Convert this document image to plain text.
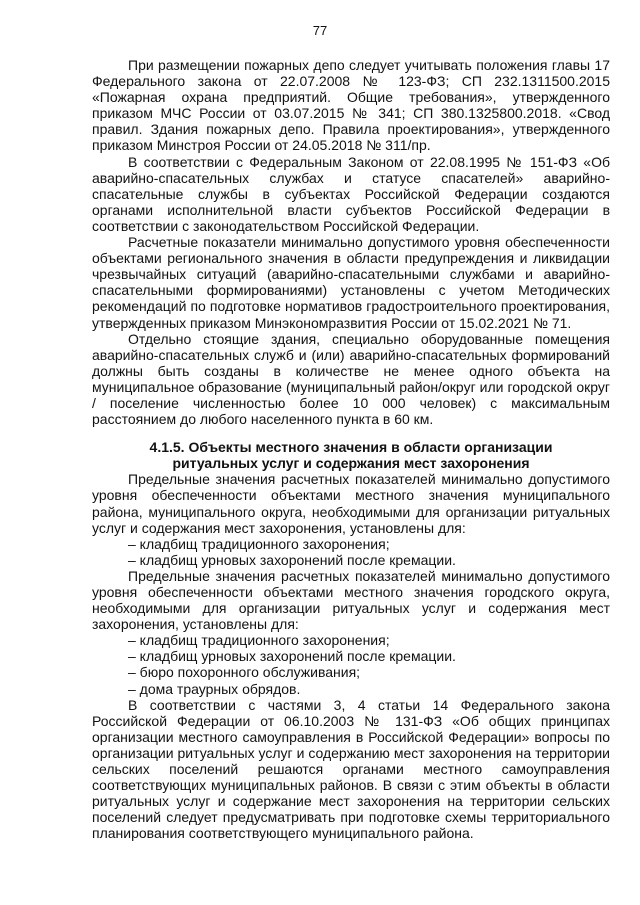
77

При размещении пожарных депо следует учитывать положения главы 17 Федерального закона от 22.07.2008 № 123-ФЗ; СП 232.1311500.2015 «Пожарная охрана предприятий. Общие требования», утвержденного приказом МЧС России от 03.07.2015 № 341; СП 380.1325800.2018. «Свод правил. Здания пожарных депо. Правила проектирования», утвержденного приказом Минстроя России от 24.05.2018 № 311/пр.

В соответствии с Федеральным Законом от 22.08.1995 № 151-ФЗ «Об аварийно-спасательных службах и статусе спасателей» аварийно-спасательные службы в субъектах Российской Федерации создаются органами исполнительной власти субъектов Российской Федерации в соответствии с законодательством Российской Федерации.

Расчетные показатели минимально допустимого уровня обеспеченности объектами регионального значения в области предупреждения и ликвидации чрезвычайных ситуаций (аварийно-спасательными службами и аварийно-спасательными формированиями) установлены с учетом Методических рекомендаций по подготовке нормативов градостроительного проектирования, утвержденных приказом Минэкономразвития России от 15.02.2021 № 71.

Отдельно стоящие здания, специально оборудованные помещения аварийно-спасательных служб и (или) аварийно-спасательных формирований должны быть созданы в количестве не менее одного объекта на муниципальное образование (муниципальный район/округ или городской округ / поселение численностью более 10 000 человек) с максимальным расстоянием до любого населенного пункта в 60 км.

4.1.5. Объекты местного значения в области организации
ритуальных услуг и содержания мест захоронения

Предельные значения расчетных показателей минимально допустимого уровня обеспеченности объектами местного значения муниципального района, муниципального округа, необходимыми для организации ритуальных услуг и содержания мест захоронения, установлены для:

– кладбищ традиционного захоронения;

– кладбищ урновых захоронений после кремации.

Предельные значения расчетных показателей минимально допустимого уровня обеспеченности объектами местного значения городского округа, необходимыми для организации ритуальных услуг и содержания мест захоронения, установлены для:

– кладбищ традиционного захоронения;

– кладбищ урновых захоронений после кремации.

– бюро похоронного обслуживания;

– дома траурных обрядов.

В соответствии с частями 3, 4 статьи 14 Федерального закона Российской Федерации от 06.10.2003 № 131-ФЗ «Об общих принципах организации местного самоуправления в Российской Федерации» вопросы по организации ритуальных услуг и содержанию мест захоронения на территории сельских поселений решаются органами местного самоуправления соответствующих муниципальных районов. В связи с этим объекты в области ритуальных услуг и содержание мест захоронения на территории сельских поселений следует предусматривать при подготовке схемы территориального планирования соответствующего муниципального района.
